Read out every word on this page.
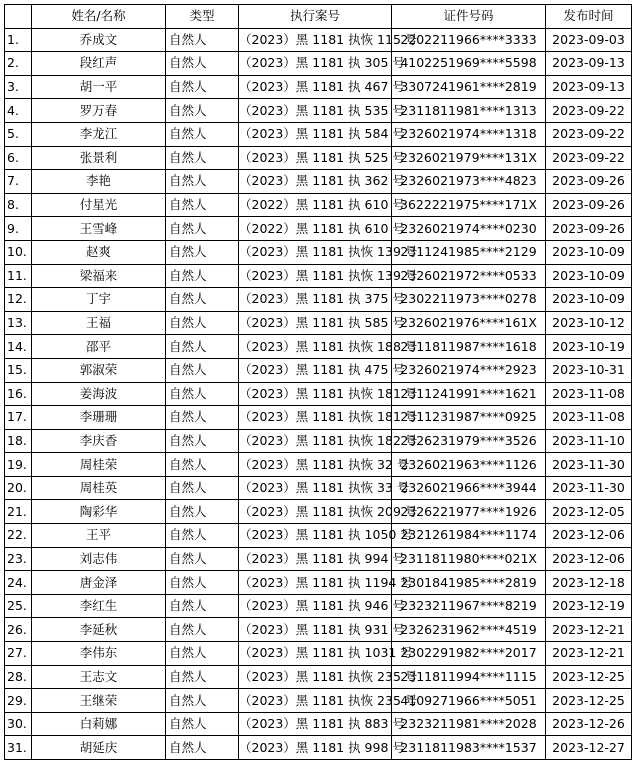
	姓名/名称	类型	执行案号	证件号码	发布时间
1.	乔成文	自然人	（2023）黑 1181 执恢 115 号	2202211966****3333	2023-09-03
2.	段红声	自然人	（2023）黑 1181 执 305 号	4102251969****5598	2023-09-13
3.	胡一平	自然人	（2023）黑 1181 执 467 号	3307241961****2819	2023-09-13
4.	罗万春	自然人	（2023）黑 1181 执 535 号	2311811981****1313	2023-09-22
5.	李龙江	自然人	（2023）黑 1181 执 584 号	2326021974****1318	2023-09-22
6.	张景利	自然人	（2023）黑 1181 执 525 号	2326021979****131X	2023-09-22
7.	李艳	自然人	（2023）黑 1181 执 362 号	2326021973****4823	2023-09-26
8.	付星光	自然人	（2022）黑 1181 执 610 号	3622221975****171X	2023-09-26
9.	王雪峰	自然人	（2022）黑 1181 执 610 号	2326021974****0230	2023-09-26
10.	赵爽	自然人	（2023）黑 1181 执恢 139 号	2311241985****2129	2023-10-09
11.	梁福来	自然人	（2023）黑 1181 执恢 139 号	2326021972****0533	2023-10-09
12.	丁宇	自然人	（2023）黑 1181 执 375 号	2302211973****0278	2023-10-09
13.	王福	自然人	（2023）黑 1181 执 585 号	2326021976****161X	2023-10-12
14.	邵平	自然人	（2023）黑 1181 执恢 188 号	2311811987****1618	2023-10-19
15.	郭淑荣	自然人	（2023）黑 1181 执 475 号	2326021974****2923	2023-10-31
16.	姜海波	自然人	（2023）黑 1181 执恢 181 号	2311241991****1621	2023-11-08
17.	李珊珊	自然人	（2023）黑 1181 执恢 181 号	2311231987****0925	2023-11-08
18.	李庆香	自然人	（2023）黑 1181 执恢 182 号	2326231979****3526	2023-11-10
19.	周桂荣	自然人	（2023）黑 1181 执恢 32 号	2326021963****1126	2023-11-30
20.	周桂英	自然人	（2023）黑 1181 执恢 33 号	2326021966****3944	2023-11-30
21.	陶彩华	自然人	（2023）黑 1181 执恢 209 号	2326221977****1926	2023-12-05
22.	王平	自然人	（2023）黑 1181 执 1050 号	2321261984****1174	2023-12-06
23.	刘志伟	自然人	（2023）黑 1181 执 994 号	2311811980****021X	2023-12-06
24.	唐金泽	自然人	（2023）黑 1181 执 1194 号	2301841985****2819	2023-12-18
25.	李红生	自然人	（2023）黑 1181 执 946 号	2323211967****8219	2023-12-19
26.	李延秋	自然人	（2023）黑 1181 执 931 号	2326231962****4519	2023-12-21
27.	李伟东	自然人	（2023）黑 1181 执 1031 号	2302291982****2017	2023-12-21
28.	王志文	自然人	（2023）黑 1181 执恢 235 号	2311811994****1115	2023-12-25
29.	王继荣	自然人	（2023）黑 1181 执恢 235 号	4109271966****5051	2023-12-25
30.	白莉娜	自然人	（2023）黑 1181 执 883 号	2323211981****2028	2023-12-26
31.	胡延庆	自然人	（2023）黑 1181 执 998 号	2311811983****1537	2023-12-27
